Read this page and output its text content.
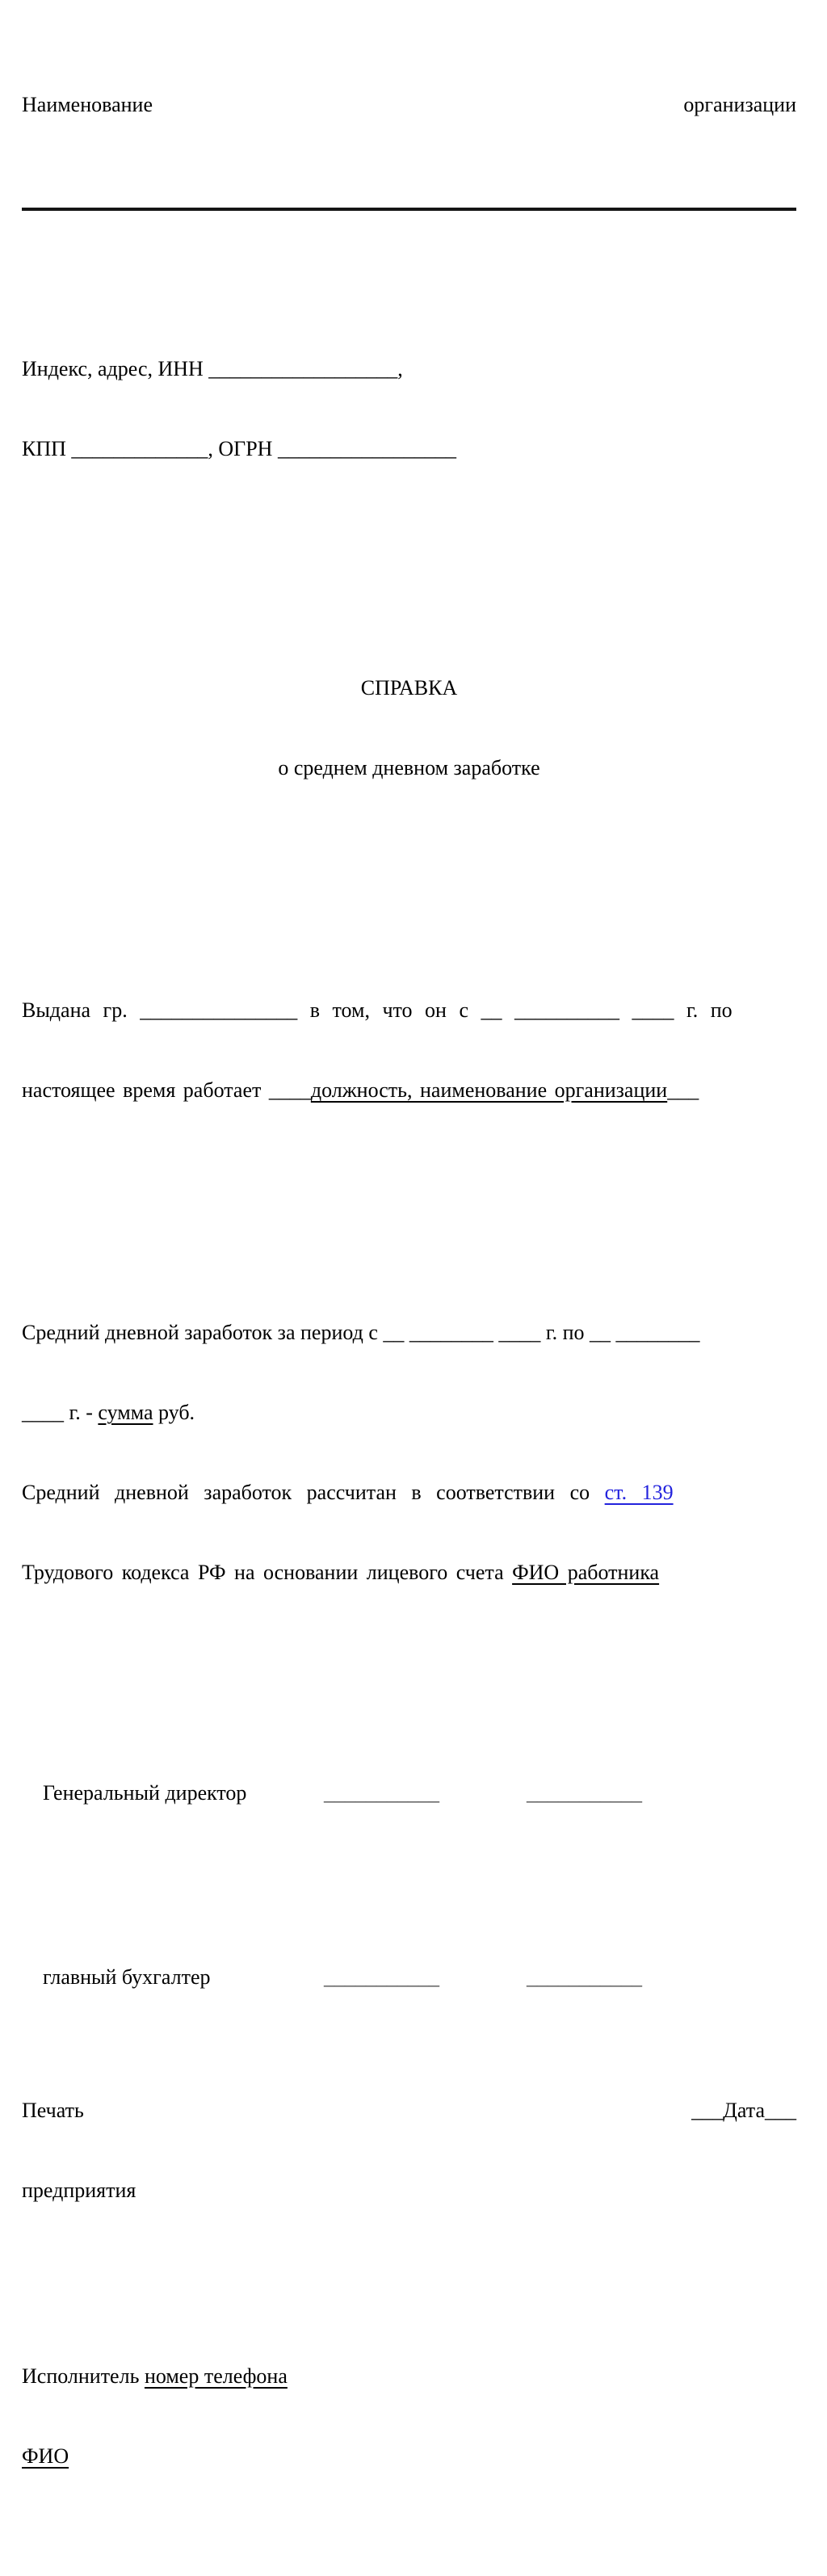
Наименование	организации

Индекс, адрес, ИНН __________________,

КПП _____________, ОГРН _________________

СПРАВКА

о среднем дневном заработке

Выдана гр. _______________ в том, что он с __ __________ ____ г. по

настоящее время работает ____должность, наименование организации___

Средний дневной заработок за период с __ ________ ____ г. по __ ________

____ г. - сумма руб.

Средний дневной заработок рассчитан в соответствии со ст. 139

Трудового кодекса РФ на основании лицевого счета ФИО работника

Генеральный директор	___________	___________

главный бухгалтер	___________	___________

Печать	___Дата___

предприятия

Исполнитель номер телефона

ФИО
